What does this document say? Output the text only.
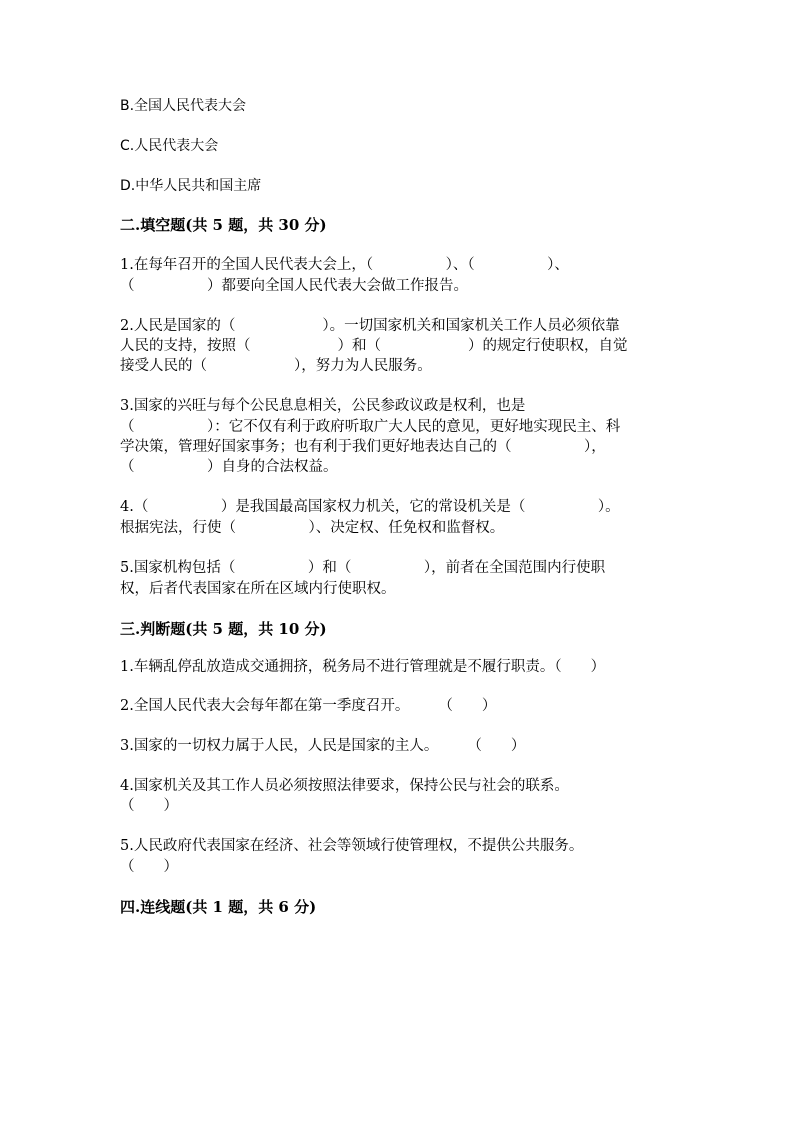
B.全国人民代表大会
C.人民代表大会
D.中华人民共和国主席
二.填空题(共 5 题，共 30 分)
1.在每年召开的全国人民代表大会上，（　　　　　）、（　　　　　）、
（　　　　　）都要向全国人民代表大会做工作报告。
2.人民是国家的（　　　　　　）。一切国家机关和国家机关工作人员必须依靠
人民的支持，按照（　　　　　　）和（　　　　　　）的规定行使职权，自觉
接受人民的（　　　　　　），努力为人民服务。
3.国家的兴旺与每个公民息息相关，公民参政议政是权利，也是
（　　　　　）：它不仅有利于政府听取广大人民的意见，更好地实现民主、科
学决策，管理好国家事务；也有利于我们更好地表达自己的（　　　　　），
（　　　　　）自身的合法权益。
4.（　　　　　）是我国最高国家权力机关，它的常设机关是（　　　　　）。
根据宪法，行使（　　　　　）、决定权、任免权和监督权。
5.国家机构包括（　　　　　）和（　　　　　），前者在全国范围内行使职
权，后者代表国家在所在区域内行使职权。
三.判断题(共 5 题，共 10 分)
1.车辆乱停乱放造成交通拥挤，税务局不进行管理就是不履行职责。（　　）
2.全国人民代表大会每年都在第一季度召开。　　　（　　）
3.国家的一切权力属于人民，人民是国家的主人。　　　（　　）
4.国家机关及其工作人员必须按照法律要求，保持公民与社会的联系。
（　　）
5.人民政府代表国家在经济、社会等领域行使管理权，不提供公共服务。
（　　）
四.连线题(共 1 题，共 6 分)
